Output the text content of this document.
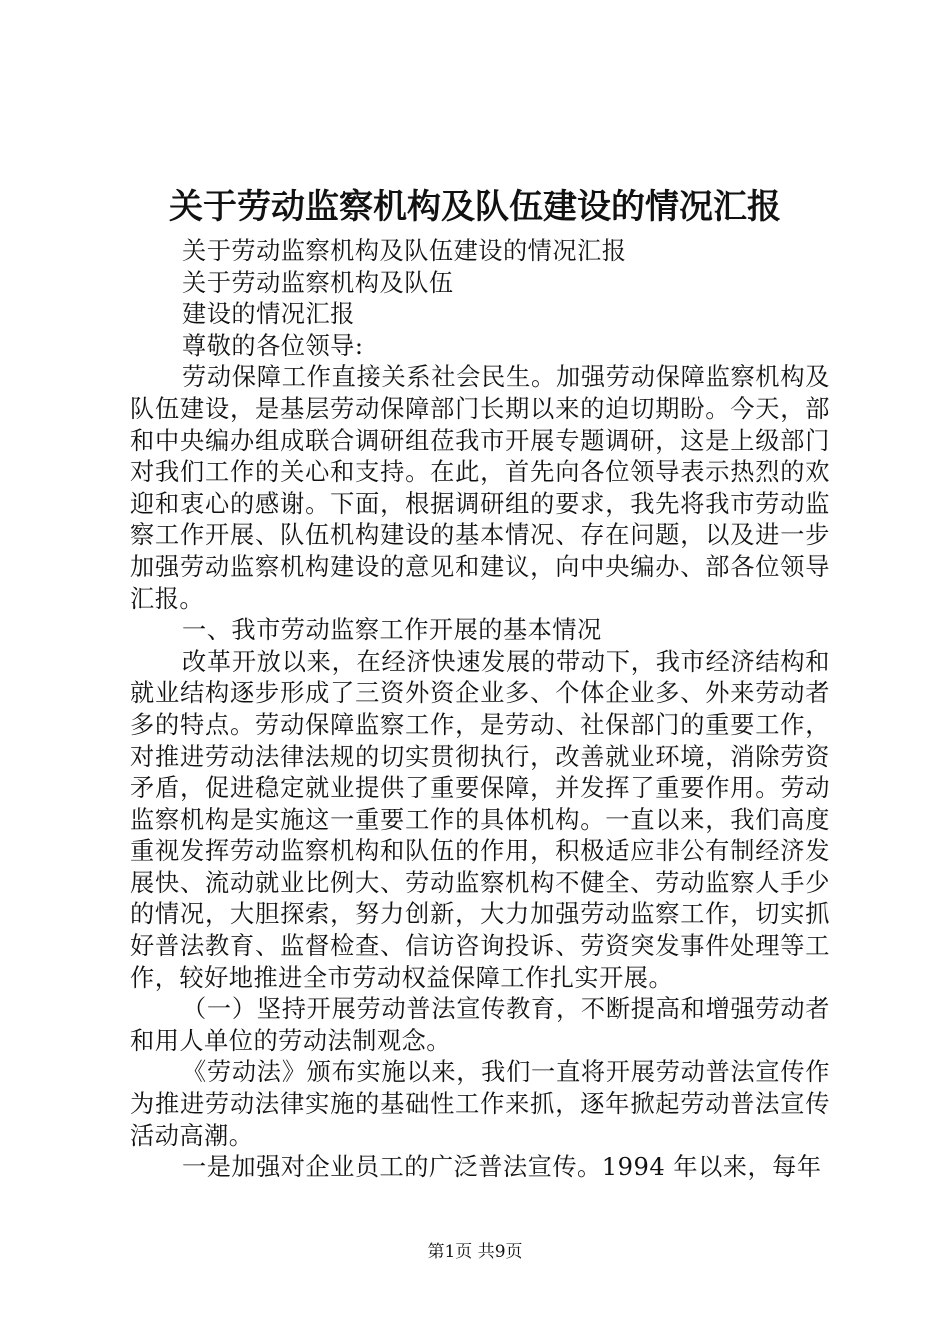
关于劳动监察机构及队伍建设的情况汇报

关于劳动监察机构及队伍建设的情况汇报

关于劳动监察机构及队伍

建设的情况汇报

尊敬的各位领导:

劳动保障工作直接关系社会民生。加强劳动保障监察机构及队伍建设，是基层劳动保障部门长期以来的迫切期盼。今天，部和中央编办组成联合调研组莅我市开展专题调研，这是上级部门对我们工作的关心和支持。在此，首先向各位领导表示热烈的欢迎和衷心的感谢。下面，根据调研组的要求，我先将我市劳动监察工作开展、队伍机构建设的基本情况、存在问题，以及进一步加强劳动监察机构建设的意见和建议，向中央编办、部各位领导汇报。

一、我市劳动监察工作开展的基本情况

改革开放以来，在经济快速发展的带动下，我市经济结构和就业结构逐步形成了三资外资企业多、个体企业多、外来劳动者多的特点。劳动保障监察工作，是劳动、社保部门的重要工作，对推进劳动法律法规的切实贯彻执行，改善就业环境，消除劳资矛盾，促进稳定就业提供了重要保障，并发挥了重要作用。劳动监察机构是实施这一重要工作的具体机构。一直以来，我们高度重视发挥劳动监察机构和队伍的作用，积极适应非公有制经济发展快、流动就业比例大、劳动监察机构不健全、劳动监察人手少的情况，大胆探索，努力创新，大力加强劳动监察工作，切实抓好普法教育、监督检查、信访咨询投诉、劳资突发事件处理等工作，较好地推进全市劳动权益保障工作扎实开展。

（一）坚持开展劳动普法宣传教育，不断提高和增强劳动者和用人单位的劳动法制观念。

《劳动法》颁布实施以来，我们一直将开展劳动普法宣传作为推进劳动法律实施的基础性工作来抓，逐年掀起劳动普法宣传活动高潮。

一是加强对企业员工的广泛普法宣传。1994 年以来，每年

第1页 共9页
